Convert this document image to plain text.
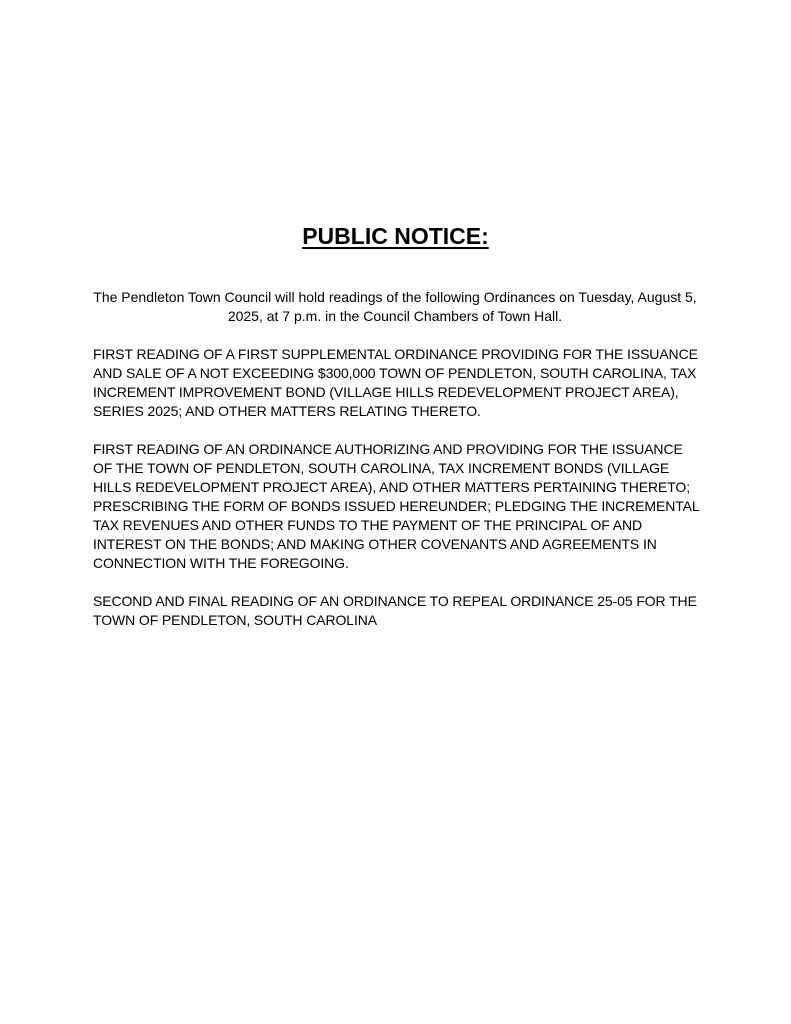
PUBLIC NOTICE:

The Pendleton Town Council will hold readings of the following Ordinances on Tuesday, August 5, 2025, at 7 p.m. in the Council Chambers of Town Hall.

FIRST READING OF A FIRST SUPPLEMENTAL ORDINANCE PROVIDING FOR THE ISSUANCE AND SALE OF A NOT EXCEEDING $300,000 TOWN OF PENDLETON, SOUTH CAROLINA, TAX INCREMENT IMPROVEMENT BOND (VILLAGE HILLS REDEVELOPMENT PROJECT AREA), SERIES 2025; AND OTHER MATTERS RELATING THERETO.

FIRST READING OF AN ORDINANCE AUTHORIZING AND PROVIDING FOR THE ISSUANCE OF THE TOWN OF PENDLETON, SOUTH CAROLINA, TAX INCREMENT BONDS (VILLAGE HILLS REDEVELOPMENT PROJECT AREA), AND OTHER MATTERS PERTAINING THERETO; PRESCRIBING THE FORM OF BONDS ISSUED HEREUNDER; PLEDGING THE INCREMENTAL TAX REVENUES AND OTHER FUNDS TO THE PAYMENT OF THE PRINCIPAL OF AND INTEREST ON THE BONDS; AND MAKING OTHER COVENANTS AND AGREEMENTS IN CONNECTION WITH THE FOREGOING.

SECOND AND FINAL READING OF AN ORDINANCE TO REPEAL ORDINANCE 25-05 FOR THE TOWN OF PENDLETON, SOUTH CAROLINA
